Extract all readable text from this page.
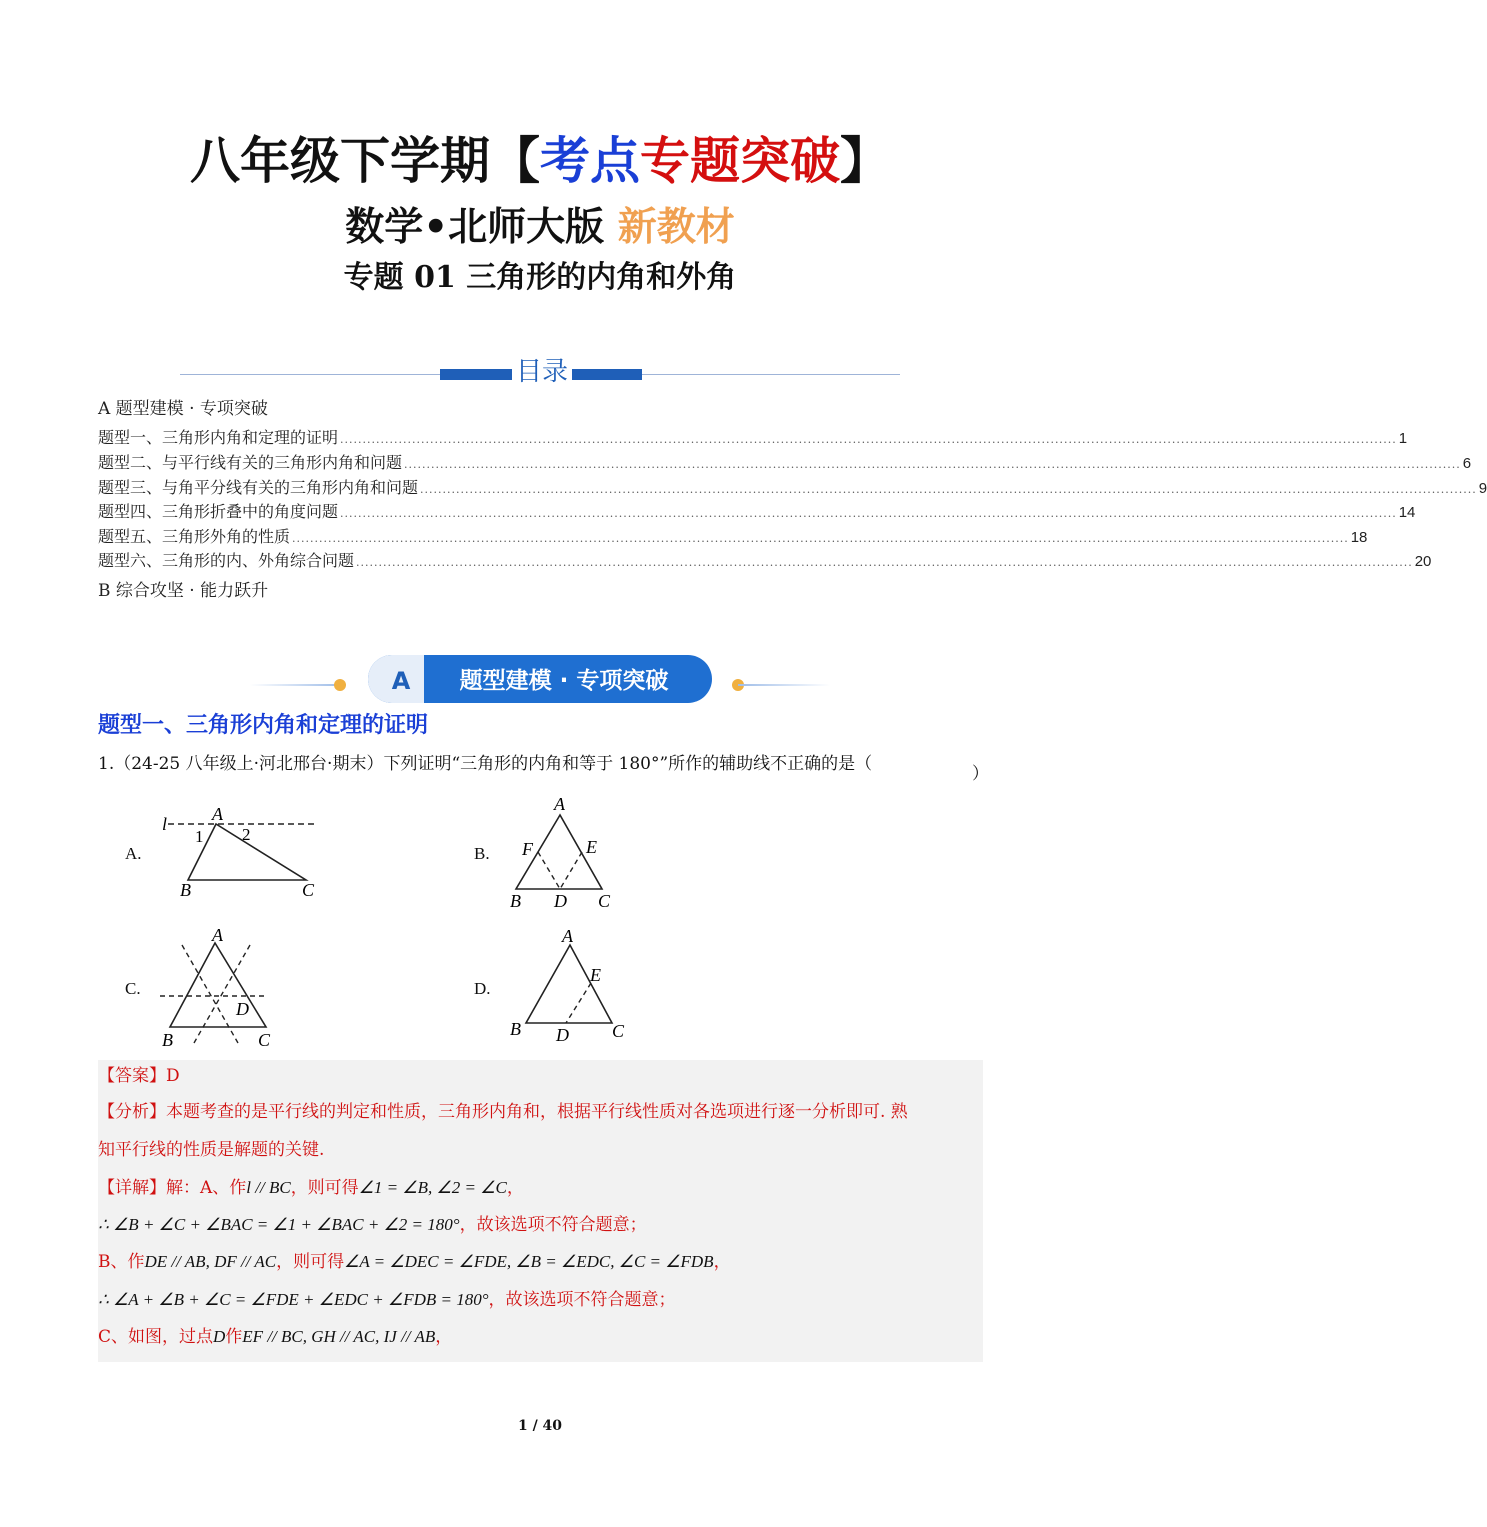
八年级下学期【考点专题突破】
数学•北师大版 新教材
专题 01 三角形的内角和外角
目录
A 题型建模 · 专项突破
题型一、三角形内角和定理的证明 ........................................................................................................................................................................................................................................... 1
题型二、与平行线有关的三角形内角和问题 ........................................................................................................................................................................................................................................... 6
题型三、与角平分线有关的三角形内角和问题 ........................................................................................................................................................................................................................................... 9
题型四、三角形折叠中的角度问题 ........................................................................................................................................................................................................................................... 14
题型五、三角形外角的性质 ........................................................................................................................................................................................................................................... 18
题型六、三角形的内、外角综合问题 ........................................................................................................................................................................................................................................... 20
B 综合攻坚 · 能力跃升
A 题型建模 · 专项突破
题型一、三角形内角和定理的证明
1.（24-25 八年级上·河北邢台·期末）下列证明“三角形的内角和等于 180°”所作的辅助线不正确的是（	）
A.	B.
C.	D.
l A
1 2
B	C
A
F	E
B D C
A
D
B	C
A
E
B D C
【答案】D
【分析】本题考查的是平行线的判定和性质，三角形内角和，根据平行线性质对各选项进行逐一分析即可. 熟
知平行线的性质是解题的关键.
【详解】解：A、作l // BC，则可得∠1 = ∠B, ∠2 = ∠C，
∴ ∠B + ∠C + ∠BAC = ∠1 + ∠BAC + ∠2 = 180°，故该选项不符合题意；
B、作DE // AB, DF // AC，则可得∠A = ∠DEC = ∠FDE, ∠B = ∠EDC, ∠C = ∠FDB，
∴ ∠A + ∠B + ∠C = ∠FDE + ∠EDC + ∠FDB = 180°，故该选项不符合题意；
C、如图，过点D作EF // BC, GH // AC, IJ // AB，
1 / 40
